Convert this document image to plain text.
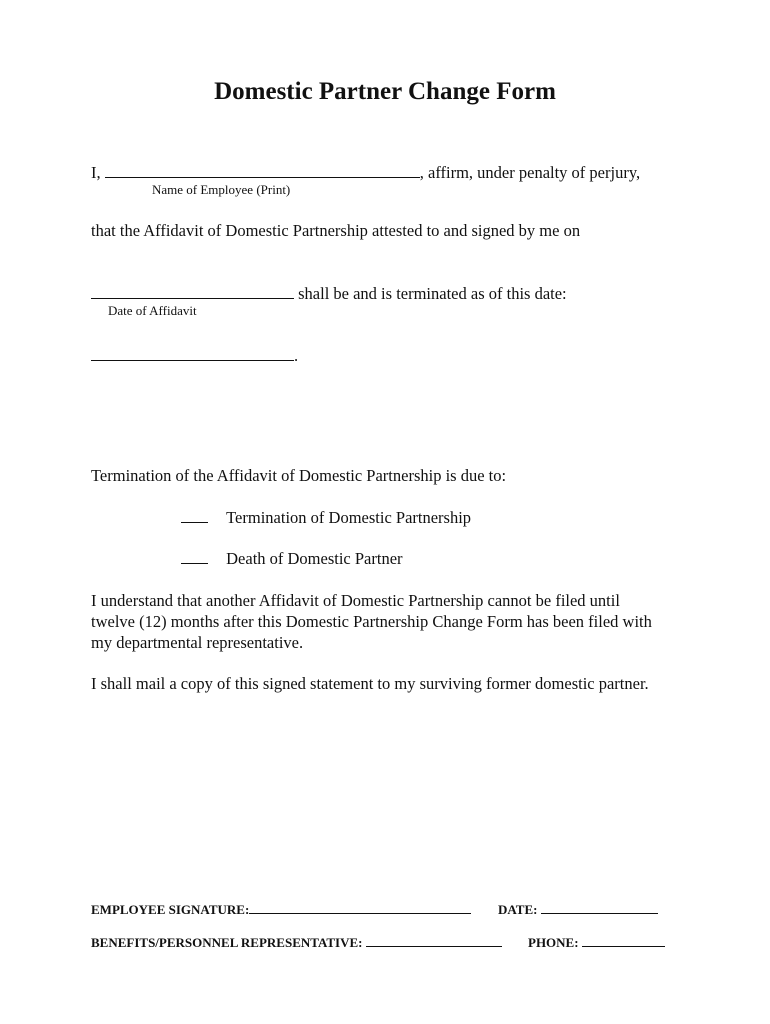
Domestic Partner Change Form
I,	, affirm, under penalty of perjury,
Name of Employee (Print)
that the Affidavit of Domestic Partnership attested to and signed by me on
shall be and is terminated as of this date:
Date of Affidavit
.
Termination of the Affidavit of Domestic Partnership is due to:
Termination of Domestic Partnership
Death of Domestic Partner
I understand that another Affidavit of Domestic Partnership cannot be filed until twelve (12) months after this Domestic Partnership Change Form has been filed with my departmental representative.
I shall mail a copy of this signed statement to my surviving former domestic partner.
EMPLOYEE SIGNATURE:	DATE:
BENEFITS/PERSONNEL REPRESENTATIVE:	PHONE:
